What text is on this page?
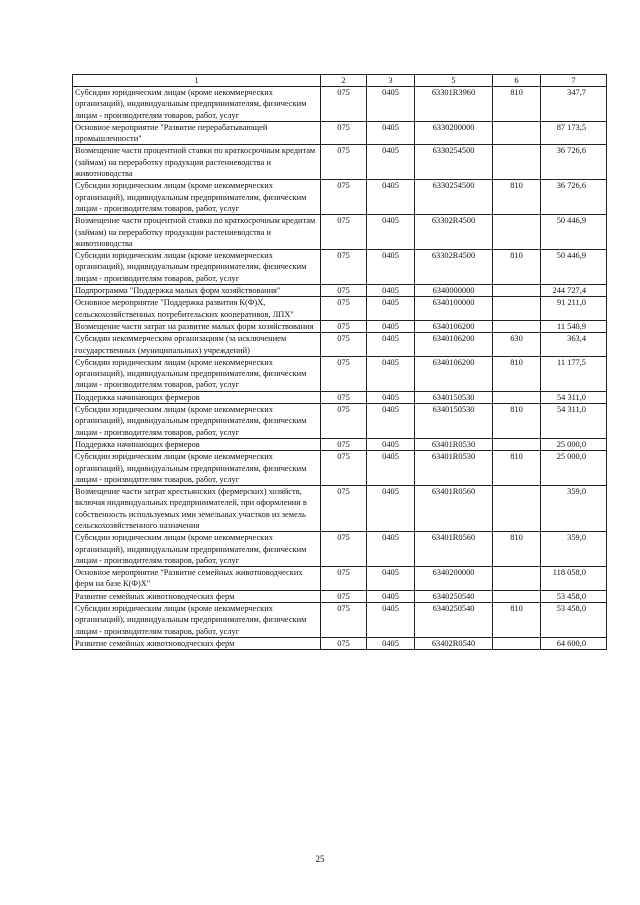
1	2	3	5	6	7
Субсидии юридическим лицам (кроме некоммерческих организаций), индивидуальным предпринимателям, физическим лицам - производителям товаров, работ, услуг	075	0405	63301R3960	810	347,7
Основное мероприятие "Развитие перерабатывающей промышленности"	075	0405	6330200000		87 173,5
Возмещение части процентной ставки по краткосрочным кредитам (займам) на переработку продукции растениеводства и животноводства	075	0405	6330254500		36 726,6
Субсидии юридическим лицам (кроме некоммерческих организаций), индивидуальным предпринимателям, физическим лицам - производителям товаров, работ, услуг	075	0405	6330254500	810	36 726,6
Возмещение части процентной ставки по краткосрочным кредитам (займам) на переработку продукции растениеводства и животноводства	075	0405	63302R4500		50 446,9
Субсидии юридическим лицам (кроме некоммерческих организаций), индивидуальным предпринимателям, физическим лицам - производителям товаров, работ, услуг	075	0405	63302R4500	810	50 446,9
Подпрограмма "Поддержка малых форм хозяйствования"	075	0405	6340000000		244 727,4
Основное мероприятие "Поддержка развития К(Ф)Х, сельскохозяйственных потребительских кооперативов, ЛПХ"	075	0405	6340100000		91 211,0
Возмещение части затрат на развитие малых форм хозяйствования	075	0405	6340106200		11 540,9
Субсидии некоммерческим организациям (за исключением государственных (муниципальных) учреждений)	075	0405	6340106200	630	363,4
Субсидии юридическим лицам (кроме некоммерческих организаций), индивидуальным предпринимателям, физическим лицам - производителям товаров, работ, услуг	075	0405	6340106200	810	11 177,5
Поддержка начинающих фермеров	075	0405	6340150530		54 311,0
Субсидии юридическим лицам (кроме некоммерческих организаций), индивидуальным предпринимателям, физическим лицам - производителям товаров, работ, услуг	075	0405	6340150530	810	54 311,0
Поддержка начинающих фермеров	075	0405	63401R0530		25 000,0
Субсидии юридическим лицам (кроме некоммерческих организаций), индивидуальным предпринимателям, физическим лицам - производителям товаров, работ, услуг	075	0405	63401R0530	810	25 000,0
Возмещение части затрат крестьянских (фермерских) хозяйств, включая индивидуальных предпринимателей, при оформлении в собственность используемых ими земельных участков из земель сельскохозяйственного назначения	075	0405	63401R0560		359,0
Субсидии юридическим лицам (кроме некоммерческих организаций), индивидуальным предпринимателям, физическим лицам - производителям товаров, работ, услуг	075	0405	63401R0560	810	359,0
Основное мероприятие "Развитие семейных животноводческих ферм на базе К(Ф)Х"	075	0405	6340200000		118 058,0
Развитие семейных животноводческих ферм	075	0405	6340250540		53 458,0
Субсидии юридическим лицам (кроме некоммерческих организаций), индивидуальным предпринимателям, физическим лицам - производителям товаров, работ, услуг	075	0405	6340250540	810	53 458,0
Развитие семейных животноводческих ферм	075	0405	63402R0540		64 600,0
25
